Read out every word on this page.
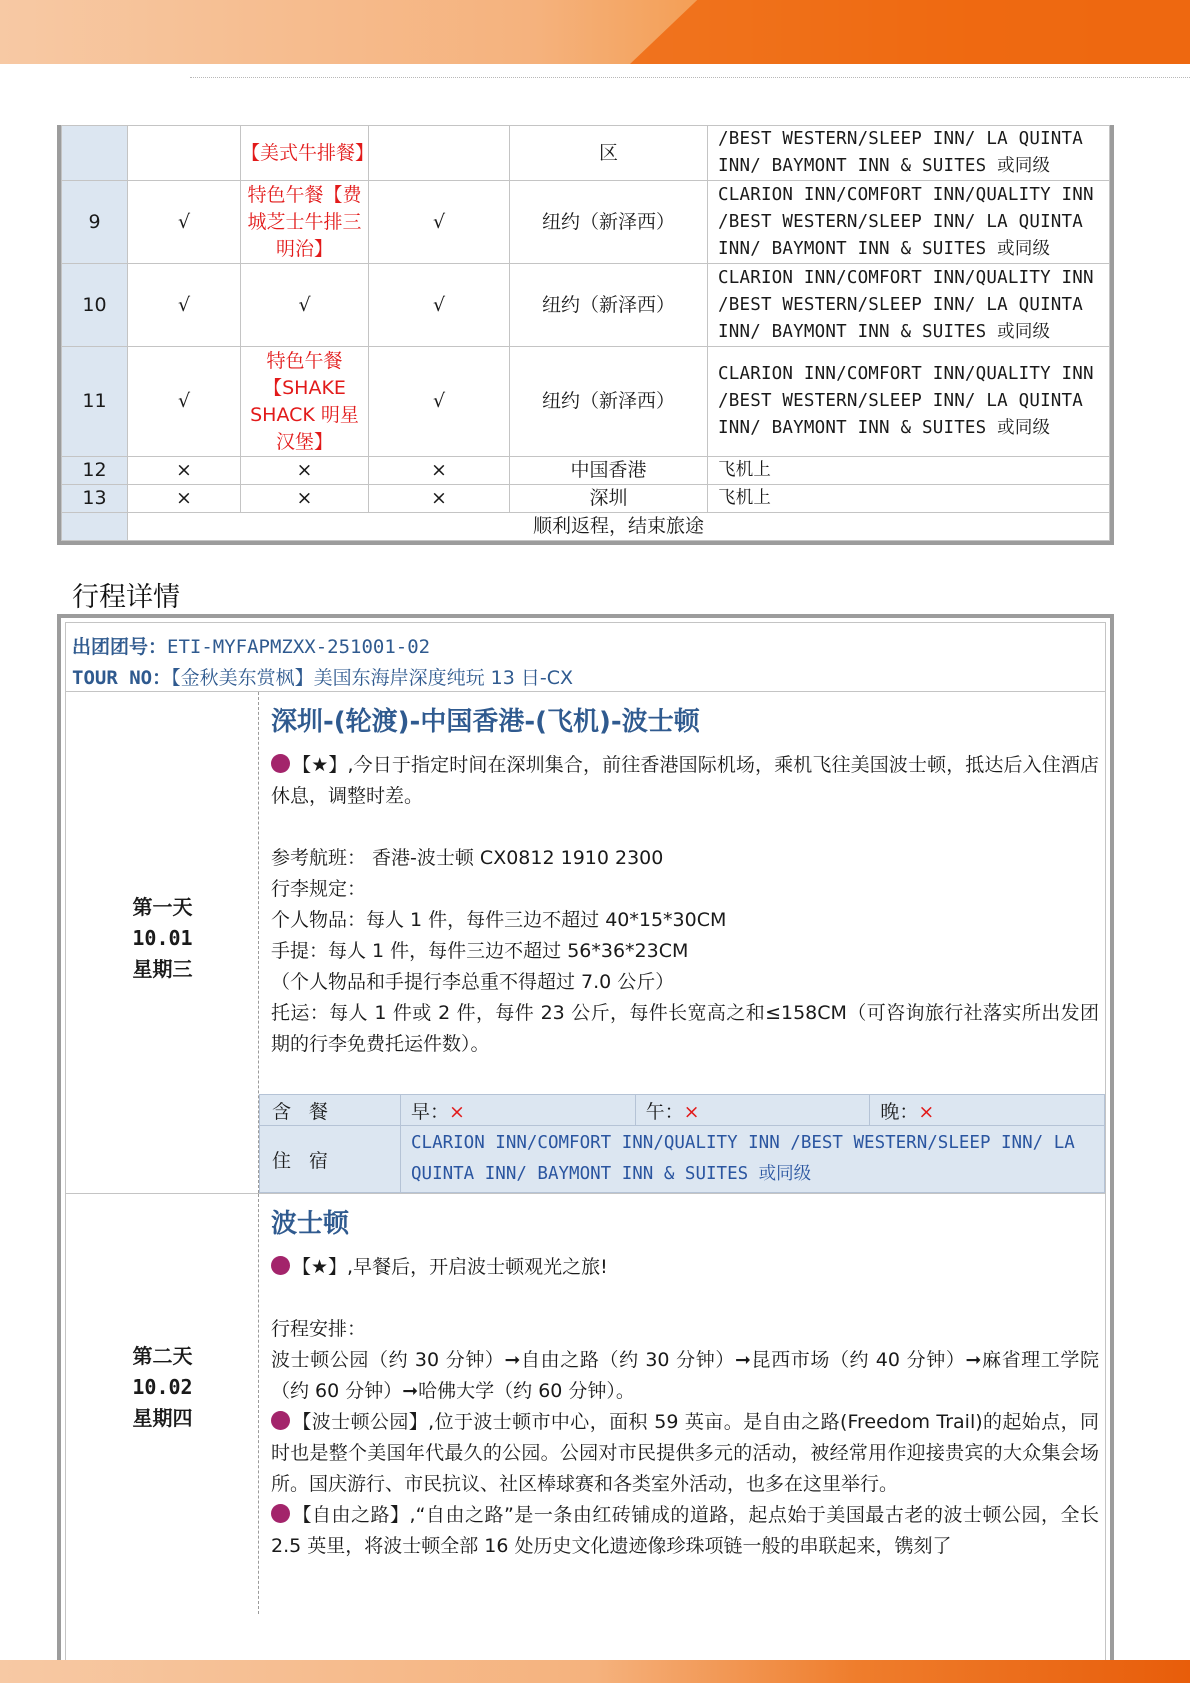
		【美式牛排餐】		区	/BEST WESTERN/SLEEP INN/ LA QUINTA INN/ BAYMONT INN & SUITES 或同级
9	√	特色午餐【费城芝士牛排三明治】	√	纽约（新泽西）	CLARION INN/COMFORT INN/QUALITY INN /BEST WESTERN/SLEEP INN/ LA QUINTA INN/ BAYMONT INN & SUITES 或同级
10	√	√	√	纽约（新泽西）	CLARION INN/COMFORT INN/QUALITY INN /BEST WESTERN/SLEEP INN/ LA QUINTA INN/ BAYMONT INN & SUITES 或同级
11	√	特色午餐【SHAKE SHACK 明星汉堡】	√	纽约（新泽西）	CLARION INN/COMFORT INN/QUALITY INN /BEST WESTERN/SLEEP INN/ LA QUINTA INN/ BAYMONT INN & SUITES 或同级
12	×	×	×	中国香港	飞机上
13	×	×	×	深圳	飞机上
	顺利返程，结束旅途				
行程详情
出团团号：ETI-MYFAPMZXX-251001-02
TOUR NO：【金秋美东赏枫】美国东海岸深度纯玩 13 日-CX
第一天
10.01
星期三
深圳-(轮渡)-中国香港-(飞机)-波士顿
【★】,今日于指定时间在深圳集合，前往香港国际机场，乘机飞往美国波士顿，抵达后入住酒店休息，调整时差。
参考航班： 香港-波士顿 CX0812 1910 2300
行李规定：
个人物品：每人 1 件，每件三边不超过 40*15*30CM
手提：每人 1 件，每件三边不超过 56*36*23CM
（个人物品和手提行李总重不得超过 7.0 公斤）
托运：每人 1 件或 2 件，每件 23 公斤，每件长宽高之和≤158CM（可咨询旅行社落实所出发团期的行李免费托运件数）。
含 餐	早：×	午：×	晚：×
住 宿	CLARION INN/COMFORT INN/QUALITY INN /BEST WESTERN/SLEEP INN/ LA QUINTA INN/ BAYMONT INN & SUITES 或同级		
第二天
10.02
星期四
波士顿
【★】,早餐后，开启波士顿观光之旅!
行程安排：
波士顿公园（约 30 分钟）➞自由之路（约 30 分钟）➞昆西市场（约 40 分钟）➞麻省理工学院（约 60 分钟）➞哈佛大学（约 60 分钟）。
【波士顿公园】,位于波士顿市中心，面积 59 英亩。是自由之路(Freedom Trail)的起始点，同时也是整个美国年代最久的公园。公园对市民提供多元的活动，被经常用作迎接贵宾的大众集会场所。国庆游行、市民抗议、社区棒球赛和各类室外活动，也多在这里举行。
【自由之路】,“自由之路”是一条由红砖铺成的道路，起点始于美国最古老的波士顿公园，全长 2.5 英里，将波士顿全部 16 处历史文化遗迹像珍珠项链一般的串联起来，镌刻了
